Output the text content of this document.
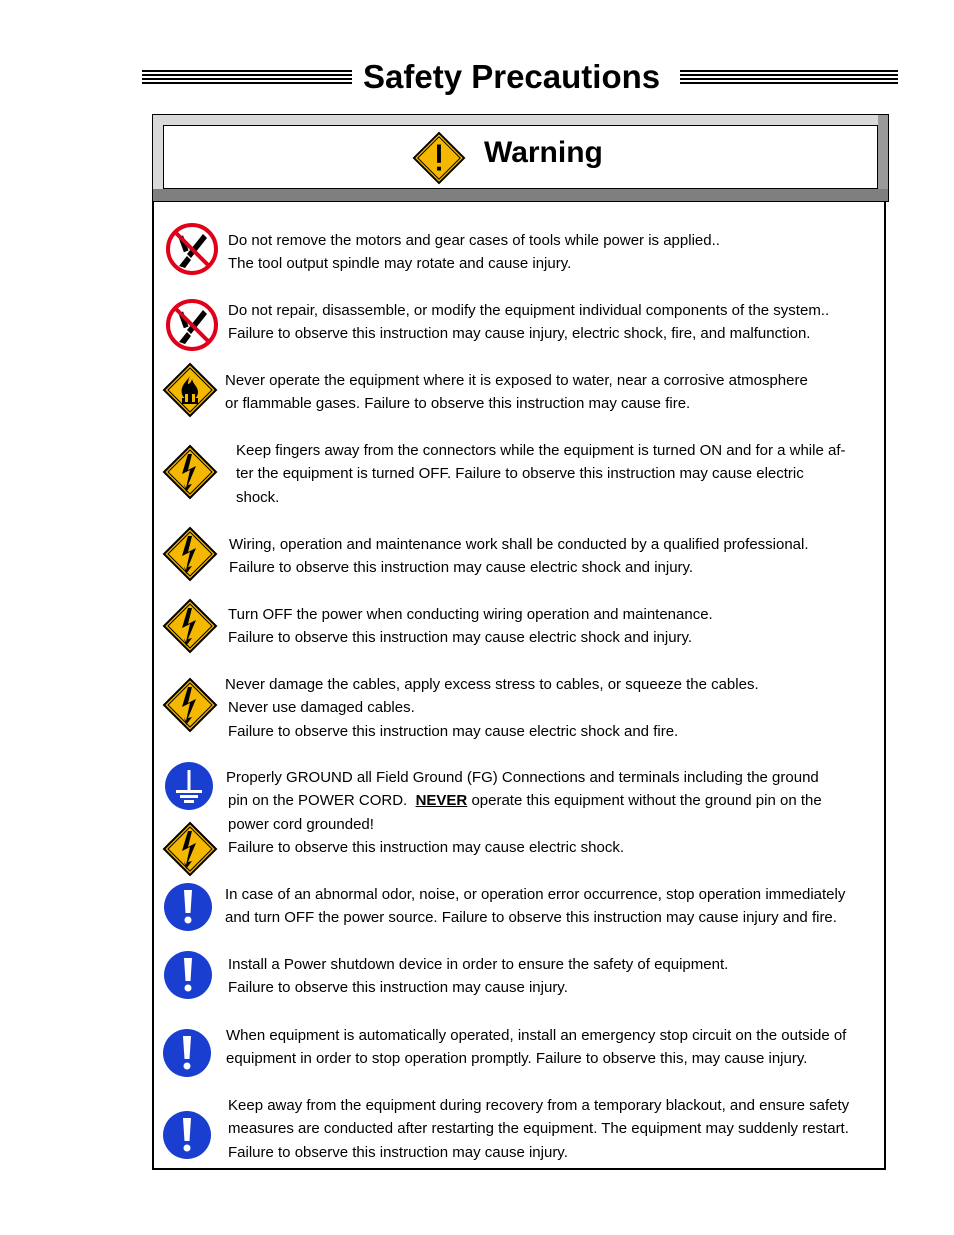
Safety Precautions
Warning
Do not remove the motors and gear cases of tools while power is applied..
The tool output spindle may rotate and cause injury.
Do not repair, disassemble, or modify the equipment individual components of the system..
Failure to observe this instruction may cause injury, electric shock, fire, and malfunction.
Never operate the equipment where it is exposed to water, near a corrosive atmosphere
or flammable gases. Failure to observe this instruction may cause fire.
Keep fingers away from the connectors while the equipment is turned ON and for a while af-
ter the equipment is turned OFF. Failure to observe this instruction may cause electric
shock.
Wiring, operation and maintenance work shall be conducted by a qualified professional.
Failure to observe this instruction may cause electric shock and injury.
Turn OFF the power when conducting wiring operation and maintenance.
Failure to observe this instruction may cause electric shock and injury.
Never damage the cables, apply excess stress to cables, or squeeze the cables.
Never use damaged cables.
Failure to observe this instruction may cause electric shock and fire.
Properly GROUND all Field Ground (FG) Connections and terminals including the ground
pin on the POWER CORD. NEVER operate this equipment without the ground pin on the
power cord grounded!
Failure to observe this instruction may cause electric shock.
In case of an abnormal odor, noise, or operation error occurrence, stop operation immediately
and turn OFF the power source. Failure to observe this instruction may cause injury and fire.
Install a Power shutdown device in order to ensure the safety of equipment.
Failure to observe this instruction may cause injury.
When equipment is automatically operated, install an emergency stop circuit on the outside of
equipment in order to stop operation promptly. Failure to observe this, may cause injury.
Keep away from the equipment during recovery from a temporary blackout, and ensure safety
measures are conducted after restarting the equipment. The equipment may suddenly restart.
Failure to observe this instruction may cause injury.
